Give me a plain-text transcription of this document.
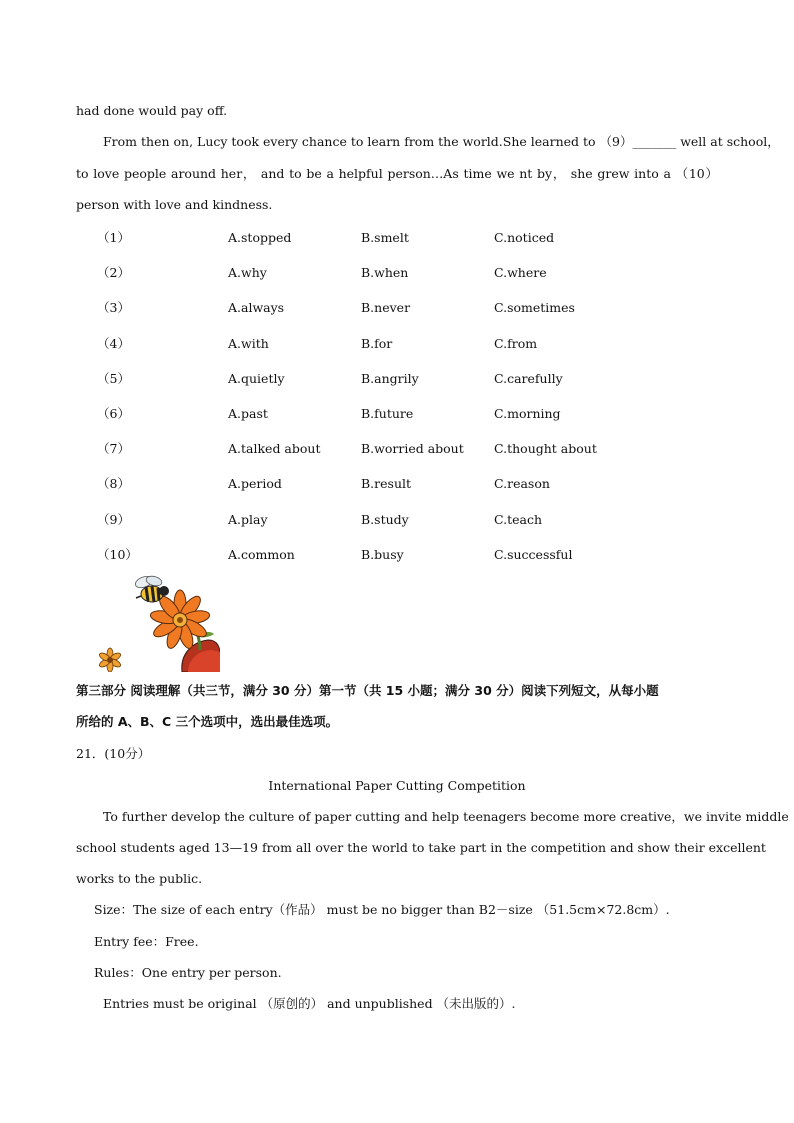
had done would pay off.
From then on, Lucy took every chance to learn from the world.She learned to （9）_______ well at school，
to love people around her， and to be a helpful person…As time we nt by， she grew into a （10）
person with love and kindness.
（1）	A.stopped	B.smelt	C.noticed
（2）	A.why	B.when	C.where
（3）	A.always	B.never	C.sometimes
（4）	A.with	B.for	C.from
（5）	A.quietly	B.angrily	C.carefully
（6）	A.past	B.future	C.morning
（7）	A.talked about	B.worried about C.thought about
（8）	A.period	B.result	C.reason
（9）	A.play	B.study	C.teach
（10）	A.common	B.busy	C.successful
第三部分 阅读理解（共三节，满分 30 分）第一节（共 15 小题；满分 30 分）阅读下列短文，从每小题
所给的 A、B、C 三个选项中，选出最佳选项。
21．(10分）
International Paper Cutting Competition
To further develop the culture of paper cutting and help teenagers become more creative，we invite middle
school students aged 13—19 from all over the world to take part in the competition and show their excellent
works to the public.
Size：The size of each entry（作品） must be no bigger than B2－size （51.5cm×72.8cm）.
Entry fee：Free.
Rules：One entry per person.
Entries must be original （原创的） and unpublished （未出版的）.
